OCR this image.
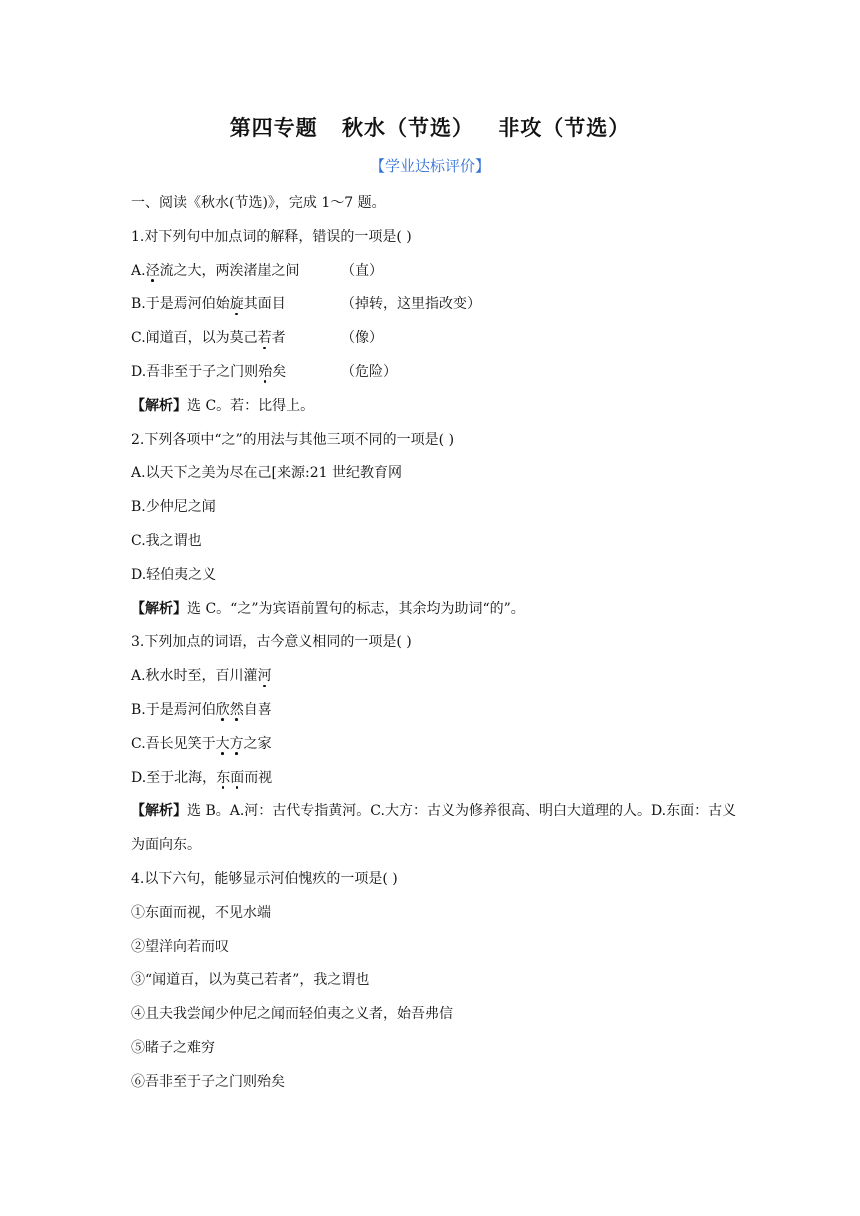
第四专题 秋水（节选） 非攻（节选）
【学业达标评价】
一、阅读《秋水(节选)》，完成 1～7 题。
1.对下列句中加点词的解释，错误的一项是( )
A.泾流之大，两涘渚崖之间	（直）
B.于是焉河伯始旋其面目	（掉转，这里指改变）
C.闻道百，以为莫己若者	（像）
D.吾非至于子之门则殆矣	（危险）
【解析】选 C。若：比得上。
2.下列各项中“之”的用法与其他三项不同的一项是( )
A.以天下之美为尽在己[来源:21 世纪教育网
B.少仲尼之闻
C.我之谓也
D.轻伯夷之义
【解析】选 C。“之”为宾语前置句的标志，其余均为助词“的”。
3.下列加点的词语，古今意义相同的一项是( )
A.秋水时至，百川灌河
B.于是焉河伯欣然自喜
C.吾长见笑于大方之家
D.至于北海，东面而视
【解析】选 B。A.河：古代专指黄河。C.大方：古义为修养很高、明白大道理的人。D.东面：古义为面向东。
4.以下六句，能够显示河伯愧疚的一项是( )
①东面而视，不见水端
②望洋向若而叹
③“闻道百，以为莫己若者”，我之谓也
④且夫我尝闻少仲尼之闻而轻伯夷之义者，始吾弗信
⑤睹子之难穷
⑥吾非至于子之门则殆矣
